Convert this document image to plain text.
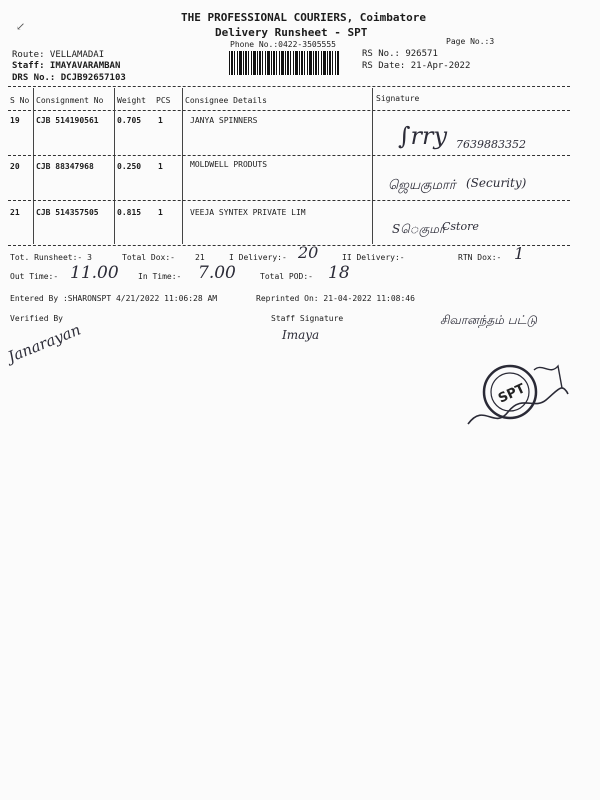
THE PROFESSIONAL COURIERS, Coimbatore
Delivery Runsheet - SPT
Phone No.:0422-3505555	Page No.:3
Route: VELLAMADAI
Staff: IMAYAVARAMBAN
DRS No.: DCJB92657103
RS No.: 926571
RS Date: 21-Apr-2022
S No Consignment No Weight PCS Consignee Details	Signature
19 CJB 514190561 0.705 1	JANYA SPINNERS
∫rry 7639883352
20 CJB 88347968	0.250 1	MOLDWELL PRODUTS
ஜெயகுமார் (Security)
21 CJB 514357505 0.815 1	VEEJA SYNTEX PRIVATE LIM
Sெகுமா
Cstore
Tot. Runsheet:- 3	Total Dox:-	21	I Delivery:- 20	II Delivery:-	RTN Dox:- 1
Out Time:- 11.00 In Time:- 7.00	Total POD:- 18
Entered By :SHARONSPT 4/21/2022 11:06:28 AM	Reprinted On: 21-04-2022 11:08:46
Verified By	Staff Signature
Janarayan	Imaya
சிவானந்தம் பட்டு
SPT
↙
